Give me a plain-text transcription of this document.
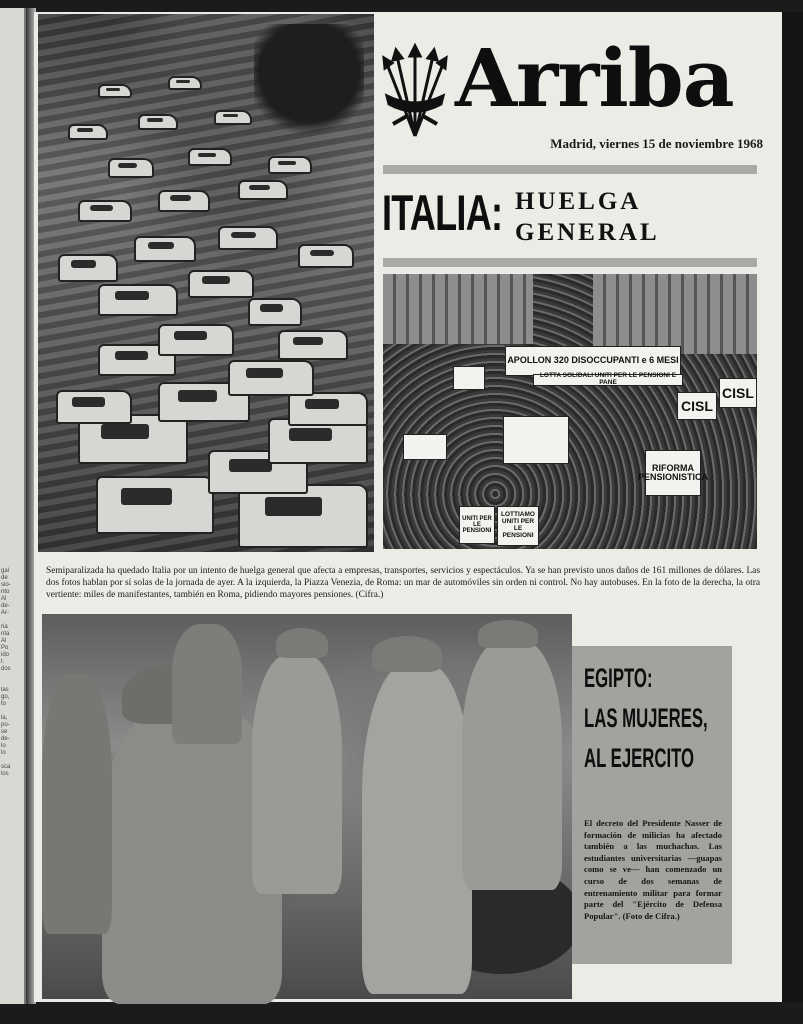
gal
de
sio-
nto
Al
de-
Ar-

ria
nta
Al
Po
ido
l:
dos

las
go,
to

la,
po-
se
de-
lo
lo

sca
los
Arriba
Madrid, viernes 15 de noviembre 1968
ITALIA: HUELGA
GENERAL
APOLLON 320 DISOCCUPANTI e 6 MESI
LOTTA SOLIDALI UNITI PER LE PENSIONI E PANE
CISL
CISL
RIFORMA PENSIONISTICA
LOTTIAMO UNITI PER LE PENSIONI
UNITI PER LE PENSIONI
Semiparalizada ha quedado Italia por un intento de huelga general que afecta a empresas, transportes, servicios y espectáculos. Ya se han previsto unos daños de 161 millones de dólares. Las dos fotos hablan por sí solas de la jornada de ayer. A la izquierda, la Piazza Venezia, de Roma: un mar de automóviles sin orden ni control. No hay autobuses. En la foto de la derecha, la otra vertiente: miles de manifestantes, también en Roma, pidiendo mayores pensiones. (Cifra.)
EGIPTO:
LAS MUJERES,
AL EJERCITO
El decreto del Presidente Nasser de formación de milicias ha afectado también a las muchachas. Las estudiantes universitarias —guapas como se ve— han comenzado un curso de dos semanas de entrenamiento militar para formar parte del "Ejército de Defensa Popular". (Foto de Cifra.)
